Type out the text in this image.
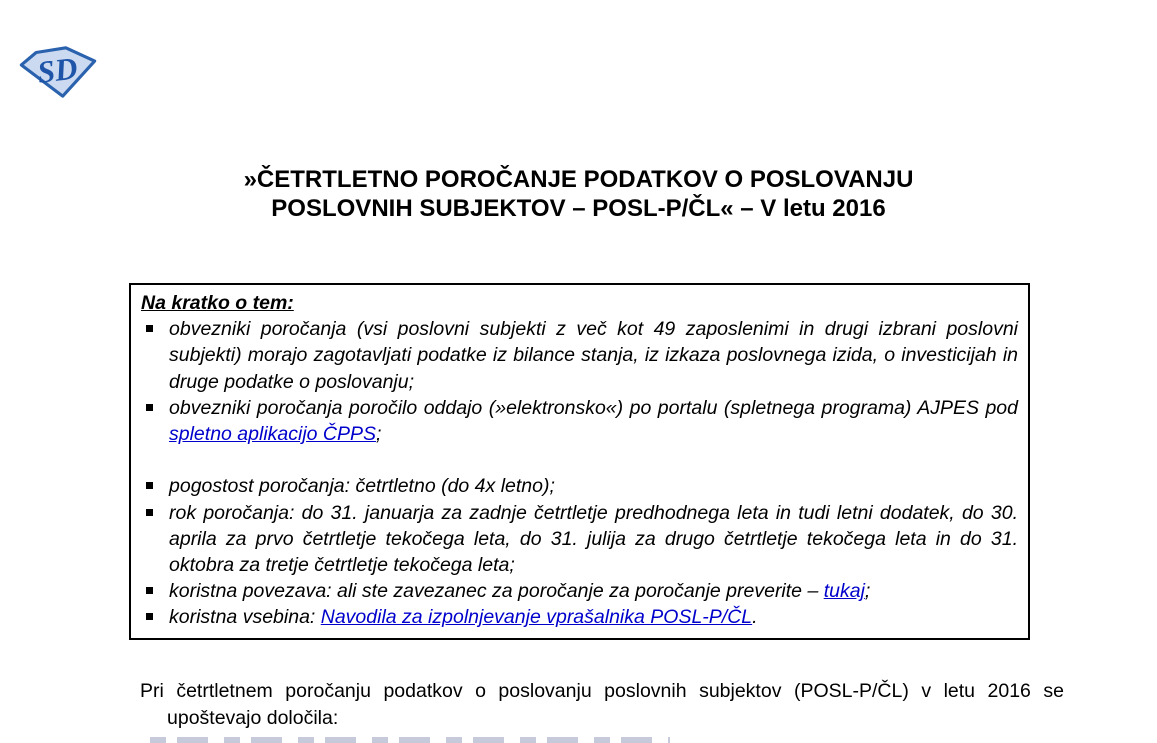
SD
»ČETRTLETNO POROČANJE PODATKOV O POSLOVANJU
POSLOVNIH SUBJEKTOV – POSL-P/ČL« – V letu 2016
Na kratko o tem:
obvezniki poročanja (vsi poslovni subjekti z več kot 49 zaposlenimi in drugi izbrani poslovni subjekti) morajo zagotavljati podatke iz bilance stanja, iz izkaza poslovnega izida, o investicijah in druge podatke o poslovanju;
obvezniki poročanja poročilo oddajo (»elektronsko«) po portalu (spletnega programa) AJPES pod spletno aplikacijo ČPPS;
pogostost poročanja: četrtletno (do 4x letno);
rok poročanja: do 31. januarja za zadnje četrtletje predhodnega leta in tudi letni dodatek, do 30. aprila za prvo četrtletje tekočega leta, do 31. julija za drugo četrtletje tekočega leta in do 31. oktobra za tretje četrtletje tekočega leta;
koristna povezava: ali ste zavezanec za poročanje za poročanje preverite – tukaj;
koristna vsebina: Navodila za izpolnjevanje vprašalnika POSL-P/ČL.

Pri četrtletnem poročanju podatkov o poslovanju poslovnih subjektov (POSL-P/ČL) v letu 2016 se upoštevajo določila:
